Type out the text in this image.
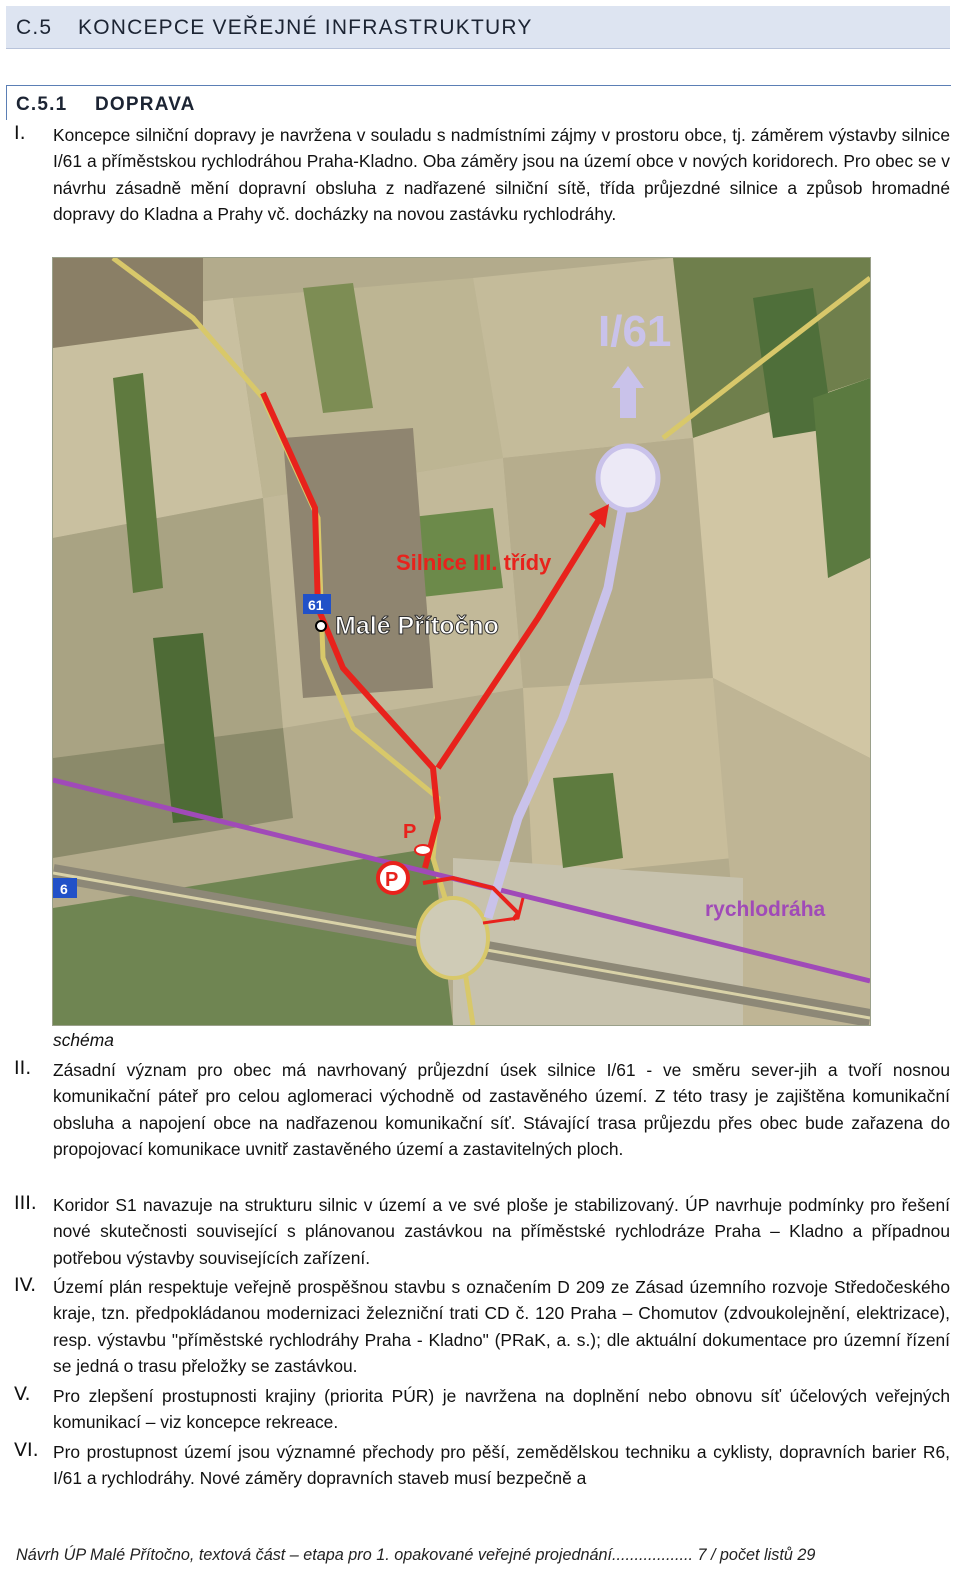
C.5 KONCEPCE VEŘEJNÉ INFRASTRUKTURY
C.5.1 DOPRAVA
I. Koncepce silniční dopravy je navržena v souladu s nadmístními zájmy v prostoru obce, tj. záměrem výstavby silnice I/61 a příměstskou rychlodráhou Praha-Kladno. Oba záměry jsou na území obce v nových koridorech. Pro obec se v návrhu zásadně mění dopravní obsluha z nadřazené silniční sítě, třída průjezdné silnice a způsob hromadné dopravy do Kladna a Prahy vč. docházky na novou zastávku rychlodráhy.
I/61
Silnice III. třídy
Malé Přítočno
61
6
P
P
rychlodráha
schéma
II. Zásadní význam pro obec má navrhovaný průjezdní úsek silnice I/61 - ve směru sever-jih a tvoří nosnou komunikační páteř pro celou aglomeraci východně od zastavěného území. Z této trasy je zajištěna komunikační obsluha a napojení obce na nadřazenou komunikační síť. Stávající trasa průjezdu přes obec bude zařazena do propojovací komunikace uvnitř zastavěného území a zastavitelných ploch.
III. Koridor S1 navazuje na strukturu silnic v území a ve své ploše je stabilizovaný. ÚP navrhuje podmínky pro řešení nové skutečnosti související s plánovanou zastávkou na příměstské rychlodráze Praha – Kladno a případnou potřebou výstavby souvisejících zařízení.
IV. Území plán respektuje veřejně prospěšnou stavbu s označením D 209 ze Zásad územního rozvoje Středočeského kraje, tzn. předpokládanou modernizaci železniční trati CD č. 120 Praha – Chomutov (zdvoukolejnění, elektrizace), resp. výstavbu "příměstské rychlodráhy Praha - Kladno" (PRaK, a. s.); dle aktuální dokumentace pro územní řízení se jedná o trasu přeložky se zastávkou.
V. Pro zlepšení prostupnosti krajiny (priorita PÚR) je navržena na doplnění nebo obnovu síť účelových veřejných komunikací – viz koncepce rekreace.
VI. Pro prostupnost území jsou významné přechody pro pěší, zemědělskou techniku a cyklisty, dopravních barier R6, I/61 a rychlodráhy. Nové záměry dopravních staveb musí bezpečně a
Návrh ÚP Malé Přítočno, textová část – etapa pro 1. opakované veřejné projednání.................. 7 / počet listů 29
